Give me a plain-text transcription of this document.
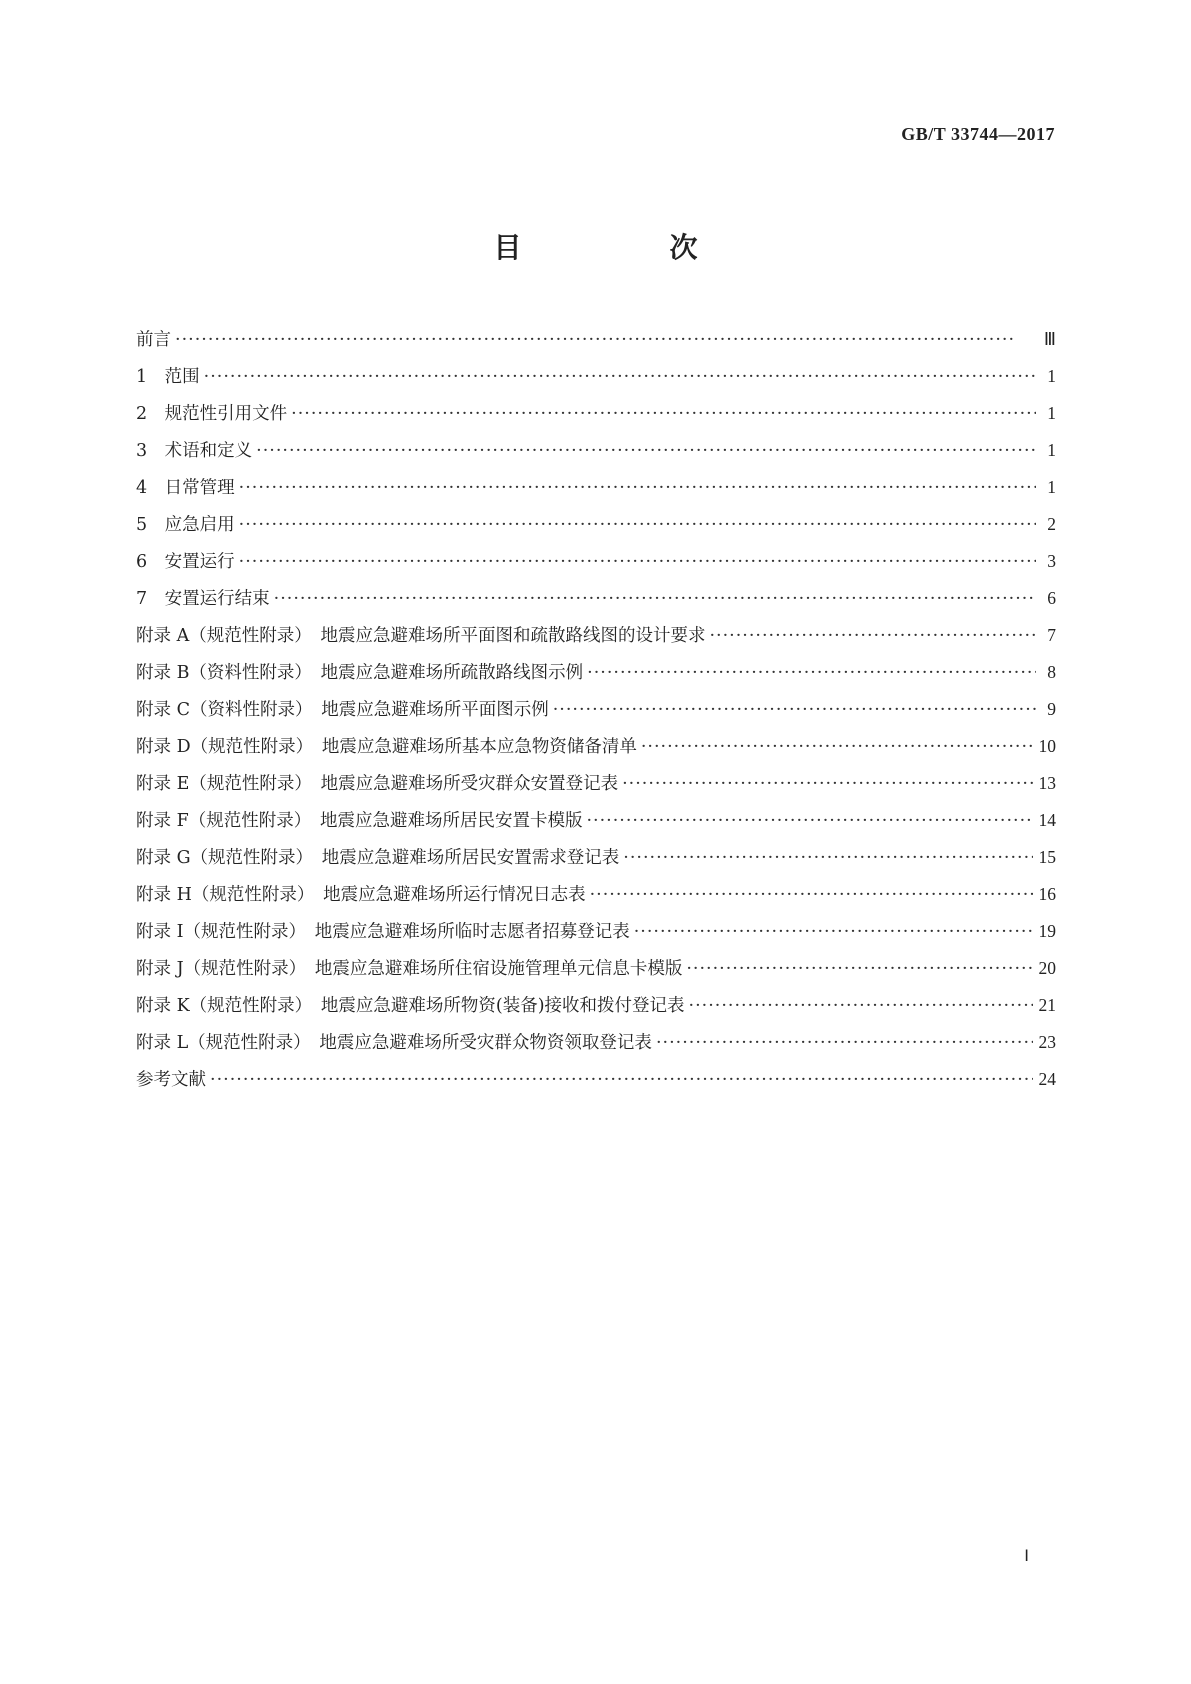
GB/T 33744—2017
目　次
前言 ·····	Ⅲ
1　范围 ·····	1
2　规范性引用文件 ·····	1
3　术语和定义 ·····	1
4　日常管理 ·····	1
5　应急启用 ·····	2
6　安置运行 ·····	3
7　安置运行结束 ·····	6
附录 A（规范性附录）　地震应急避难场所平面图和疏散路线图的设计要求 ·····	7
附录 B（资料性附录）　地震应急避难场所疏散路线图示例 ·····	8
附录 C（资料性附录）　地震应急避难场所平面图示例 ·····	9
附录 D（规范性附录）　地震应急避难场所基本应急物资储备清单 ·····	10
附录 E（规范性附录）　地震应急避难场所受灾群众安置登记表 ·····	13
附录 F（规范性附录）　地震应急避难场所居民安置卡模版 ·····	14
附录 G（规范性附录）　地震应急避难场所居民安置需求登记表 ·····	15
附录 H（规范性附录）　地震应急避难场所运行情况日志表 ·····	16
附录 I（规范性附录）　地震应急避难场所临时志愿者招募登记表 ·····	19
附录 J（规范性附录）　地震应急避难场所住宿设施管理单元信息卡模版 ·····	20
附录 K（规范性附录）　地震应急避难场所物资(装备)接收和拨付登记表 ·····	21
附录 L（规范性附录）　地震应急避难场所受灾群众物资领取登记表 ·····	23
参考文献 ·····	24
Ⅰ
